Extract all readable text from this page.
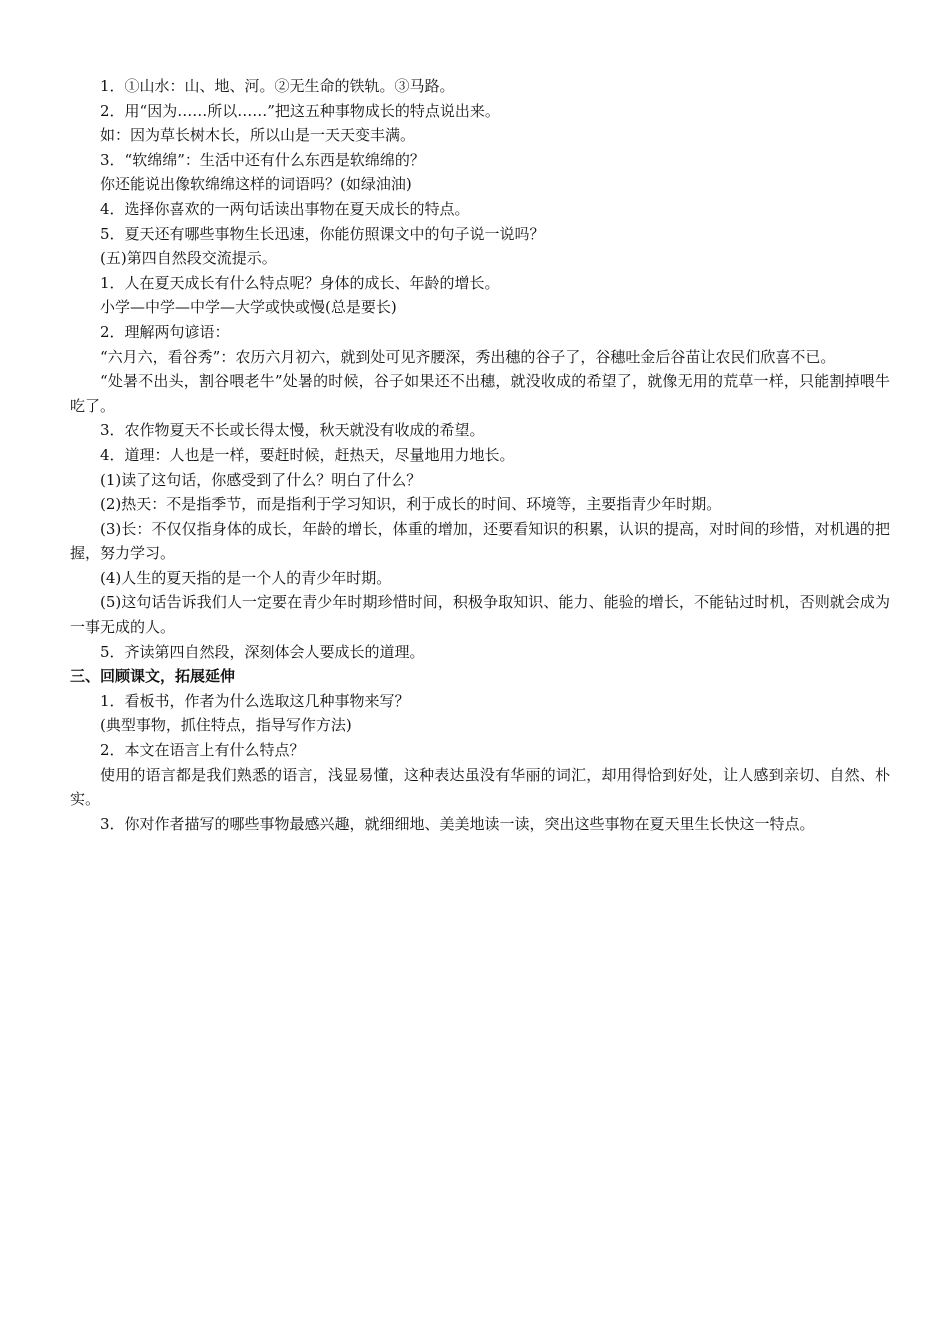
1．①山水：山、地、河。②无生命的铁轨。③马路。

2．用“因为……所以……”把这五种事物成长的特点说出来。

如：因为草长树木长，所以山是一天天变丰满。

3．“软绵绵”：生活中还有什么东西是软绵绵的？

你还能说出像软绵绵这样的词语吗？(如绿油油)

4．选择你喜欢的一两句话读出事物在夏天成长的特点。

5．夏天还有哪些事物生长迅速，你能仿照课文中的句子说一说吗？

(五)第四自然段交流提示。

1．人在夏天成长有什么特点呢？身体的成长、年龄的增长。

小学—中学—中学—大学或快或慢(总是要长)

2．理解两句谚语：

“六月六，看谷秀”：农历六月初六，就到处可见齐腰深，秀出穗的谷子了，谷穗吐金后谷苗让农民们欣喜不已。

“处暑不出头，割谷喂老牛”处暑的时候，谷子如果还不出穗，就没收成的希望了，就像无用的荒草一样，只能割掉喂牛吃了。

3．农作物夏天不长或长得太慢，秋天就没有收成的希望。

4．道理：人也是一样，要赶时候，赶热天，尽量地用力地长。

(1)读了这句话，你感受到了什么？明白了什么？

(2)热天：不是指季节，而是指利于学习知识，利于成长的时间、环境等，主要指青少年时期。

(3)长：不仅仅指身体的成长，年龄的增长，体重的增加，还要看知识的积累，认识的提高，对时间的珍惜，对机遇的把握，努力学习。

(4)人生的夏天指的是一个人的青少年时期。

(5)这句话告诉我们人一定要在青少年时期珍惜时间，积极争取知识、能力、能验的增长，不能钻过时机，否则就会成为一事无成的人。

5．齐读第四自然段，深刻体会人要成长的道理。

三、回顾课文，拓展延伸

1．看板书，作者为什么选取这几种事物来写？

(典型事物，抓住特点，指导写作方法)

2．本文在语言上有什么特点？

使用的语言都是我们熟悉的语言，浅显易懂，这种表达虽没有华丽的词汇，却用得恰到好处，让人感到亲切、自然、朴实。

3．你对作者描写的哪些事物最感兴趣，就细细地、美美地读一读，突出这些事物在夏天里生长快这一特点。
